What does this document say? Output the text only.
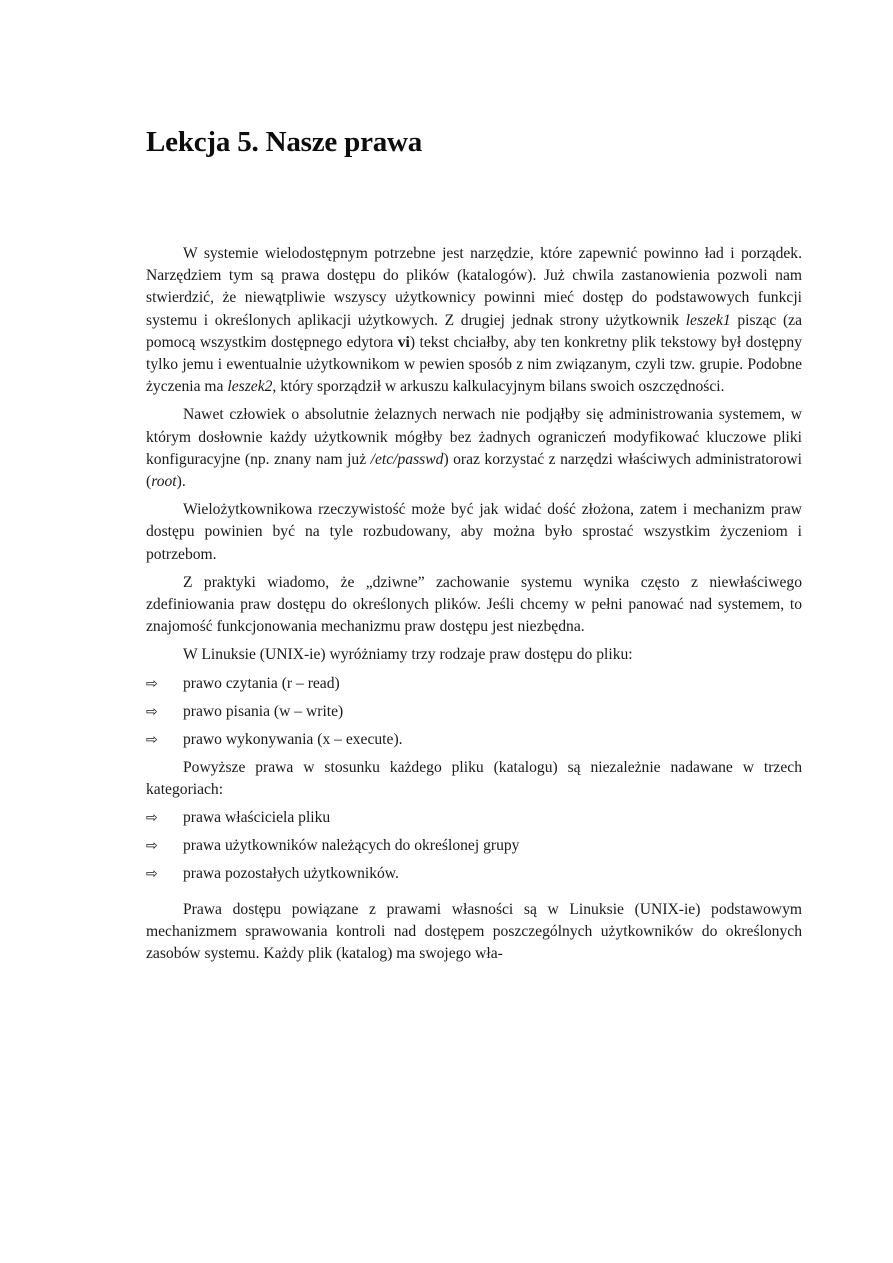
Lekcja 5. Nasze prawa

W systemie wielodostępnym potrzebne jest narzędzie, które zapewnić powinno ład i porządek. Narzędziem tym są prawa dostępu do plików (katalogów). Już chwila zastanowienia pozwoli nam stwierdzić, że niewątpliwie wszyscy użytkownicy powinni mieć dostęp do podstawowych funkcji systemu i określonych aplikacji użytkowych. Z drugiej jednak strony użytkownik leszek1 pisząc (za pomocą wszystkim dostępnego edytora vi) tekst chciałby, aby ten konkretny plik tekstowy był dostępny tylko jemu i ewentualnie użytkownikom w pewien sposób z nim związanym, czyli tzw. grupie. Podobne życzenia ma leszek2, który sporządził w arkuszu kalkulacyjnym bilans swoich oszczędności.

Nawet człowiek o absolutnie żelaznych nerwach nie podjąłby się administrowania systemem, w którym dosłownie każdy użytkownik mógłby bez żadnych ograniczeń modyfikować kluczowe pliki konfiguracyjne (np. znany nam już /etc/passwd) oraz korzystać z narzędzi właściwych administratorowi (root).

Wielożytkownikowa rzeczywistość może być jak widać dość złożona, zatem i mechanizm praw dostępu powinien być na tyle rozbudowany, aby można było sprostać wszystkim życzeniom i potrzebom.

Z praktyki wiadomo, że „dziwne” zachowanie systemu wynika często z niewłaściwego zdefiniowania praw dostępu do określonych plików. Jeśli chcemy w pełni panować nad systemem, to znajomość funkcjonowania mechanizmu praw dostępu jest niezbędna.

W Linuksie (UNIX-ie) wyróżniamy trzy rodzaje praw dostępu do pliku:

⇨ prawo czytania (r – read)
⇨ prawo pisania (w – write)
⇨ prawo wykonywania (x – execute).

Powyższe prawa w stosunku każdego pliku (katalogu) są niezależnie nadawane w trzech kategoriach:

⇨ prawa właściciela pliku
⇨ prawa użytkowników należących do określonej grupy
⇨ prawa pozostałych użytkowników.

Prawa dostępu powiązane z prawami własności są w Linuksie (UNIX-ie) podstawowym mechanizmem sprawowania kontroli nad dostępem poszczególnych użytkowników do określonych zasobów systemu. Każdy plik (katalog) ma swojego wła-
